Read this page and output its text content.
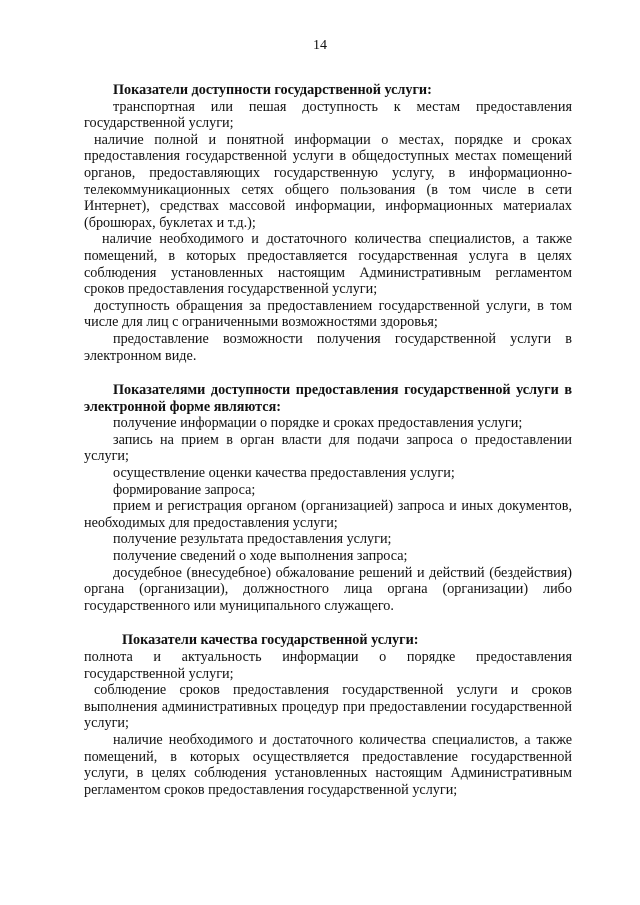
14

Показатели доступности государственной услуги:

транспортная или пешая доступность к местам предоставления государственной услуги;

наличие полной и понятной информации о местах, порядке и сроках предоставления государственной услуги в общедоступных местах помещений органов, предоставляющих государственную услугу, в информационно-телекоммуникационных сетях общего пользования (в том числе в сети Интернет), средствах массовой информации, информационных материалах (брошюрах, буклетах и т.д.);

наличие необходимого и достаточного количества специалистов, а также помещений, в которых предоставляется государственная услуга в целях соблюдения установленных настоящим Административным регламентом сроков предоставления государственной услуги;

доступность обращения за предоставлением государственной услуги, в том числе для лиц с ограниченными возможностями здоровья;

предоставление возможности получения государственной услуги в электронном виде.

Показателями доступности предоставления государственной услуги в электронной форме являются:

получение информации о порядке и сроках предоставления услуги;

запись на прием в орган власти для подачи запроса о предоставлении услуги;

осуществление оценки качества предоставления услуги;

формирование запроса;

прием и регистрация органом (организацией) запроса и иных документов, необходимых для предоставления услуги;

получение результата предоставления услуги;

получение сведений о ходе выполнения запроса;

досудебное (внесудебное) обжалование решений и действий (бездействия) органа (организации), должностного лица органа (организации) либо государственного или муниципального служащего.

Показатели качества государственной услуги:

полнота и актуальность информации о порядке предоставления государственной услуги;

соблюдение сроков предоставления государственной услуги и сроков выполнения административных процедур при предоставлении государственной услуги;

наличие необходимого и достаточного количества специалистов, а также помещений, в которых осуществляется предоставление государственной услуги, в целях соблюдения установленных настоящим Административным регламентом сроков предоставления государственной услуги;
